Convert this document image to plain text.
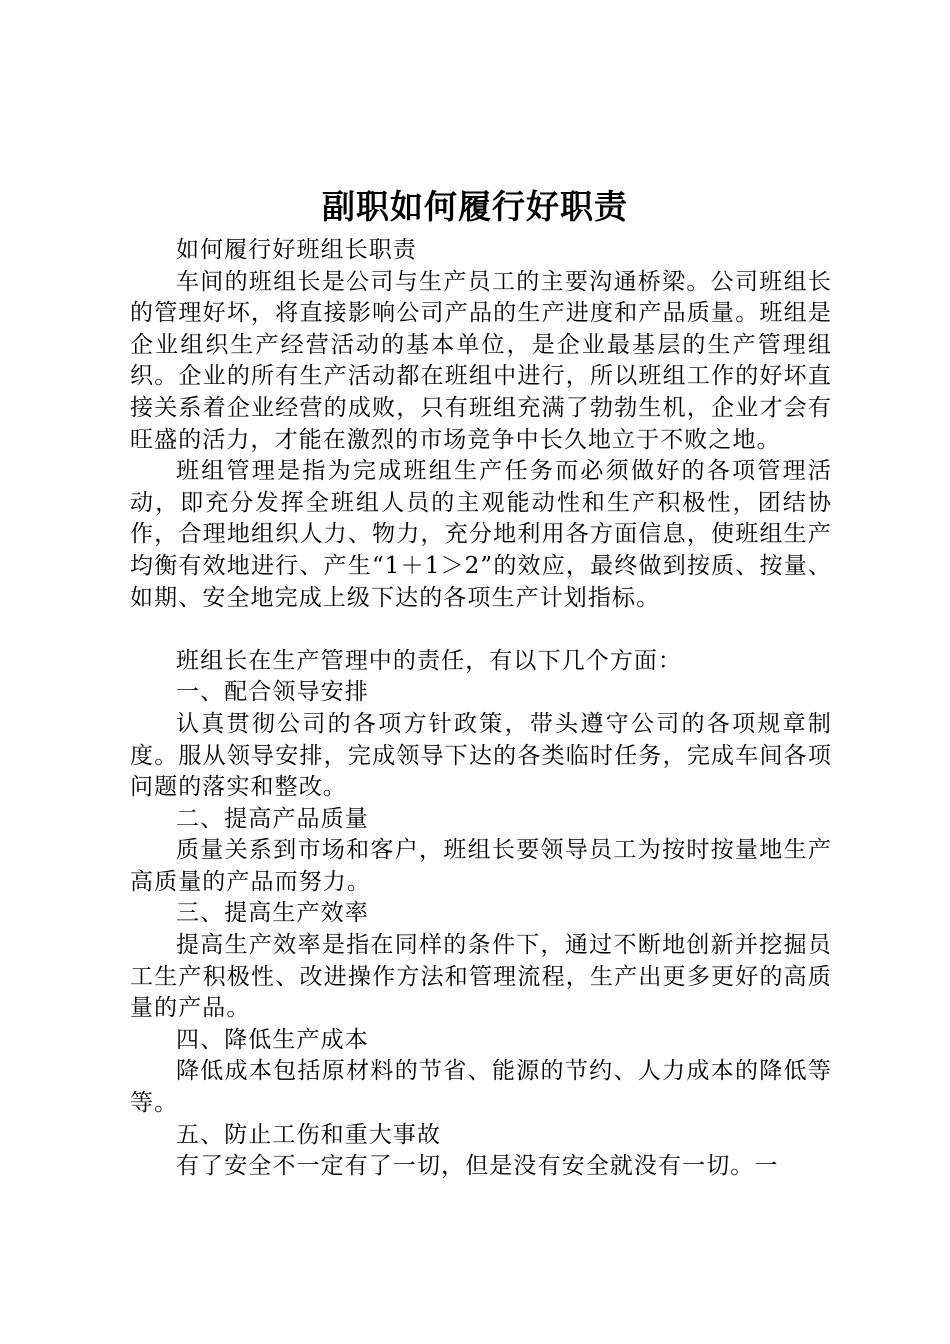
副职如何履行好职责

如何履行好班组长职责

车间的班组长是公司与生产员工的主要沟通桥梁。公司班组长的管理好坏，将直接影响公司产品的生产进度和产品质量。班组是企业组织生产经营活动的基本单位，是企业最基层的生产管理组织。企业的所有生产活动都在班组中进行，所以班组工作的好坏直接关系着企业经营的成败，只有班组充满了勃勃生机，企业才会有旺盛的活力，才能在激烈的市场竞争中长久地立于不败之地。

班组管理是指为完成班组生产任务而必须做好的各项管理活动，即充分发挥全班组人员的主观能动性和生产积极性，团结协作，合理地组织人力、物力，充分地利用各方面信息，使班组生产均衡有效地进行、产生“1＋1＞2”的效应，最终做到按质、按量、如期、安全地完成上级下达的各项生产计划指标。

班组长在生产管理中的责任，有以下几个方面：

一、配合领导安排

认真贯彻公司的各项方针政策，带头遵守公司的各项规章制度。服从领导安排，完成领导下达的各类临时任务，完成车间各项问题的落实和整改。

二、提高产品质量

质量关系到市场和客户，班组长要领导员工为按时按量地生产高质量的产品而努力。

三、提高生产效率

提高生产效率是指在同样的条件下，通过不断地创新并挖掘员工生产积极性、改进操作方法和管理流程，生产出更多更好的高质量的产品。

四、降低生产成本

降低成本包括原材料的节省、能源的节约、人力成本的降低等等。

五、防止工伤和重大事故

有了安全不一定有了一切，但是没有安全就没有一切。一
